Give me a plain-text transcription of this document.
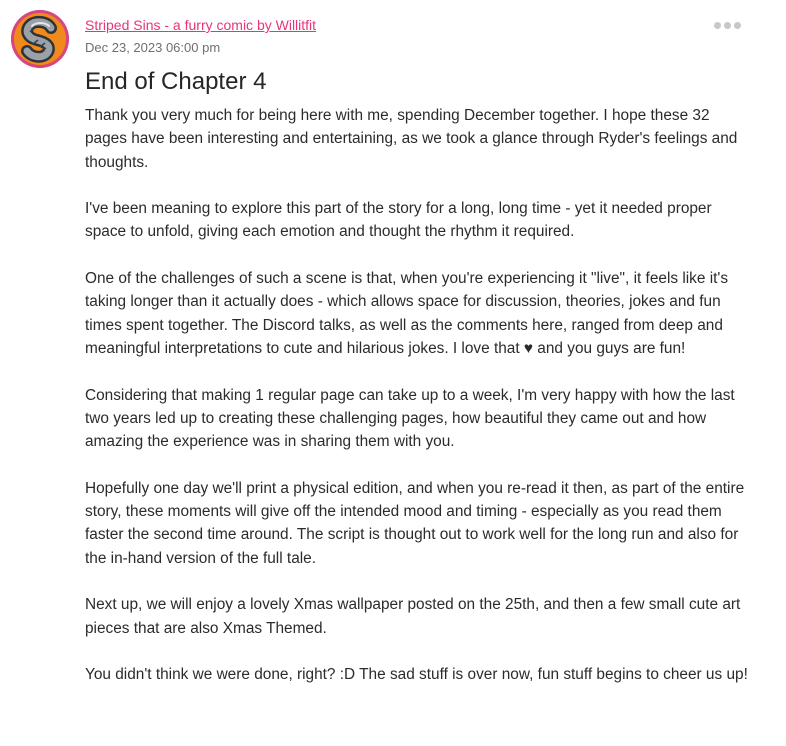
Striped Sins - a furry comic by Willitfit
Dec 23, 2023 06:00 pm
End of Chapter 4

Thank you very much for being here with me, spending December together. I hope these 32 pages have been interesting and entertaining, as we took a glance through Ryder's feelings and thoughts.

I've been meaning to explore this part of the story for a long, long time - yet it needed proper space to unfold, giving each emotion and thought the rhythm it required.

One of the challenges of such a scene is that, when you're experiencing it "live", it feels like it's taking longer than it actually does - which allows space for discussion, theories, jokes and fun times spent together. The Discord talks, as well as the comments here, ranged from deep and meaningful interpretations to cute and hilarious jokes. I love that ♥ and you guys are fun!

Considering that making 1 regular page can take up to a week, I'm very happy with how the last two years led up to creating these challenging pages, how beautiful they came out and how amazing the experience was in sharing them with you.

Hopefully one day we'll print a physical edition, and when you re-read it then, as part of the entire story, these moments will give off the intended mood and timing - especially as you read them faster the second time around. The script is thought out to work well for the long run and also for the in-hand version of the full tale.

Next up, we will enjoy a lovely Xmas wallpaper posted on the 25th, and then a few small cute art pieces that are also Xmas Themed.

You didn't think we were done, right? :D The sad stuff is over now, fun stuff begins to cheer us up!
